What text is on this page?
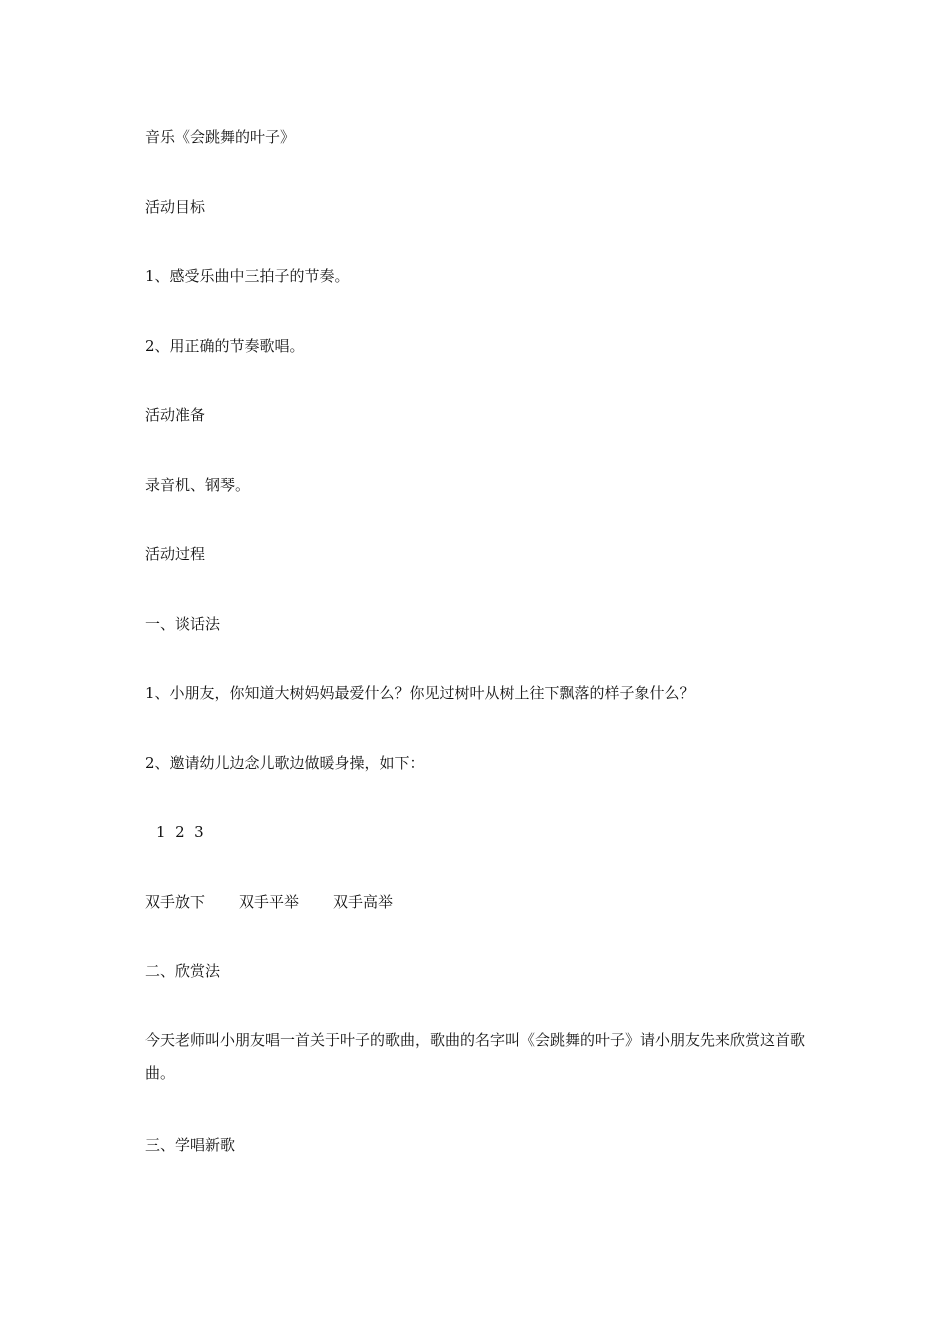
音乐《会跳舞的叶子》
活动目标
1、感受乐曲中三拍子的节奏。
2、用正确的节奏歌唱。
活动准备
录音机、钢琴。
活动过程
一、谈话法
1、小朋友，你知道大树妈妈最爱什么？你见过树叶从树上往下飘落的样子象什么？
2、邀请幼儿边念儿歌边做暖身操，如下：
1  2  3
双手放下 双手平举 双手高举
二、欣赏法
今天老师叫小朋友唱一首关于叶子的歌曲，歌曲的名字叫《会跳舞的叶子》请小朋友先来欣赏这首歌曲。
三、学唱新歌
